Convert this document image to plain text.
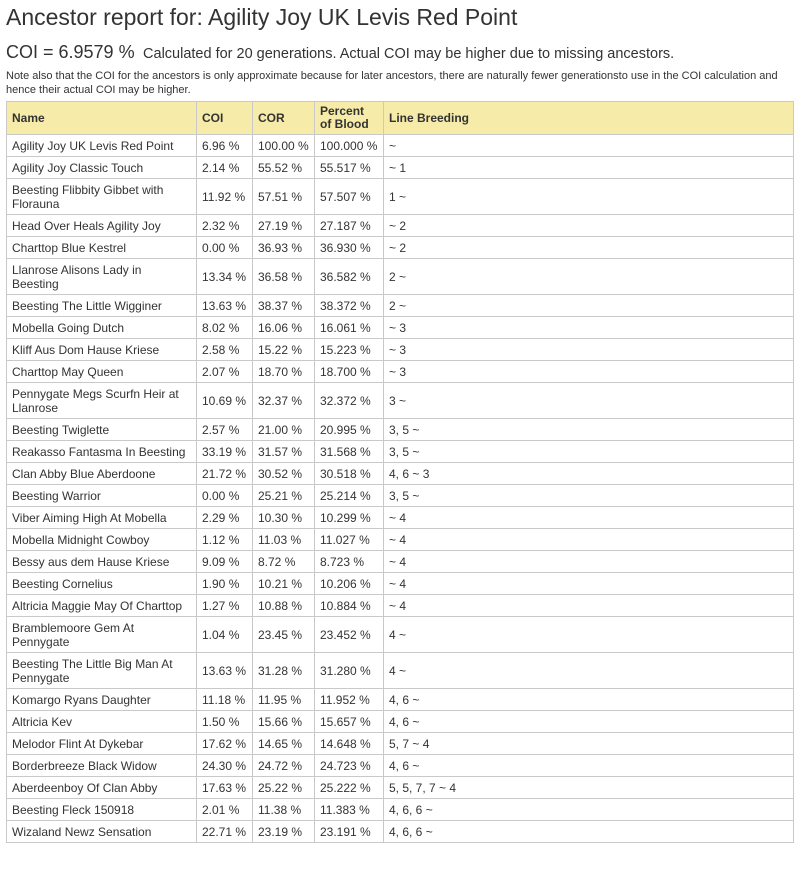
Ancestor report for: Agility Joy UK Levis Red Point
COI = 6.9579 % Calculated for 20 generations. Actual COI may be higher due to missing ancestors.
Note also that the COI for the ancestors is only approximate because for later ancestors, there are naturally fewer generationsto use in the COI calculation and hence their actual COI may be higher.
Name	COI	COR	Percent of Blood	Line Breeding
Agility Joy UK Levis Red Point	6.96 %	100.00 %	100.000 %	~
Agility Joy Classic Touch	2.14 %	55.52 %	55.517 %	~ 1
Beesting Flibbity Gibbet with Florauna	11.92 %	57.51 %	57.507 %	1 ~
Head Over Heals Agility Joy	2.32 %	27.19 %	27.187 %	~ 2
Charttop Blue Kestrel	0.00 %	36.93 %	36.930 %	~ 2
Llanrose Alisons Lady in Beesting	13.34 %	36.58 %	36.582 %	2 ~
Beesting The Little Wigginer	13.63 %	38.37 %	38.372 %	2 ~
Mobella Going Dutch	8.02 %	16.06 %	16.061 %	~ 3
Kliff Aus Dom Hause Kriese	2.58 %	15.22 %	15.223 %	~ 3
Charttop May Queen	2.07 %	18.70 %	18.700 %	~ 3
Pennygate Megs Scurfn Heir at Llanrose	10.69 %	32.37 %	32.372 %	3 ~
Beesting Twiglette	2.57 %	21.00 %	20.995 %	3, 5 ~
Reakasso Fantasma In Beesting	33.19 %	31.57 %	31.568 %	3, 5 ~
Clan Abby Blue Aberdoone	21.72 %	30.52 %	30.518 %	4, 6 ~ 3
Beesting Warrior	0.00 %	25.21 %	25.214 %	3, 5 ~
Viber Aiming High At Mobella	2.29 %	10.30 %	10.299 %	~ 4
Mobella Midnight Cowboy	1.12 %	11.03 %	11.027 %	~ 4
Bessy aus dem Hause Kriese	9.09 %	8.72 %	8.723 %	~ 4
Beesting Cornelius	1.90 %	10.21 %	10.206 %	~ 4
Altricia Maggie May Of Charttop	1.27 %	10.88 %	10.884 %	~ 4
Bramblemoore Gem At Pennygate	1.04 %	23.45 %	23.452 %	4 ~
Beesting The Little Big Man At Pennygate	13.63 %	31.28 %	31.280 %	4 ~
Komargo Ryans Daughter	11.18 %	11.95 %	11.952 %	4, 6 ~
Altricia Kev	1.50 %	15.66 %	15.657 %	4, 6 ~
Melodor Flint At Dykebar	17.62 %	14.65 %	14.648 %	5, 7 ~ 4
Borderbreeze Black Widow	24.30 %	24.72 %	24.723 %	4, 6 ~
Aberdeenboy Of Clan Abby	17.63 %	25.22 %	25.222 %	5, 5, 7, 7 ~ 4
Beesting Fleck 150918	2.01 %	11.38 %	11.383 %	4, 6, 6 ~
Wizaland Newz Sensation	22.71 %	23.19 %	23.191 %	4, 6, 6 ~
